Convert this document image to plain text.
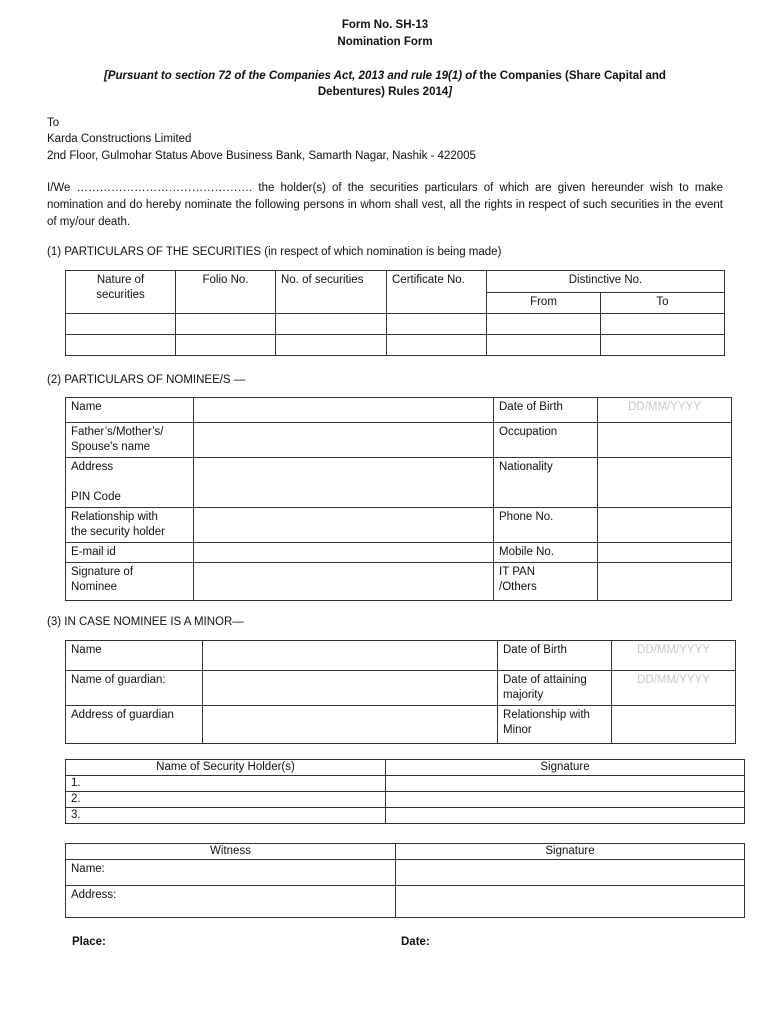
Form No. SH-13
Nomination Form
[Pursuant to section 72 of the Companies Act, 2013 and rule 19(1) of the Companies (Share Capital and Debentures) Rules 2014]
To
Karda Constructions Limited
2nd Floor, Gulmohar Status Above Business Bank, Samarth Nagar, Nashik - 422005
I/We ………………………………………. the holder(s) of the securities particulars of which are given hereunder wish to make nomination and do hereby nominate the following persons in whom shall vest, all the rights in respect of such securities in the event of my/our death.
(1) PARTICULARS OF THE SECURITIES (in respect of which nomination is being made)
Nature of securities	Folio No.	No. of securities	Certificate No.	Distinctive No.	
				From	To

(2) PARTICULARS OF NOMINEE/S —
Name		Date of Birth	DD/MM/YYYY
Father’s/Mother’s/
Spouse’s name		Occupation	
Address

PIN Code		Nationality	
Relationship with
the security holder		Phone No.	
E-mail id		Mobile No.	
Signature of
Nominee		IT PAN
/Others	
(3) IN CASE NOMINEE IS A MINOR—
Name		Date of Birth	DD/MM/YYYY
Name of guardian:		Date of attaining
majority	DD/MM/YYYY
Address of guardian		Relationship with
Minor	
Name of Security Holder(s)	Signature
1.	
2.	
3.	
Witness	Signature
Name:	
Address:	
Place:	Date:
